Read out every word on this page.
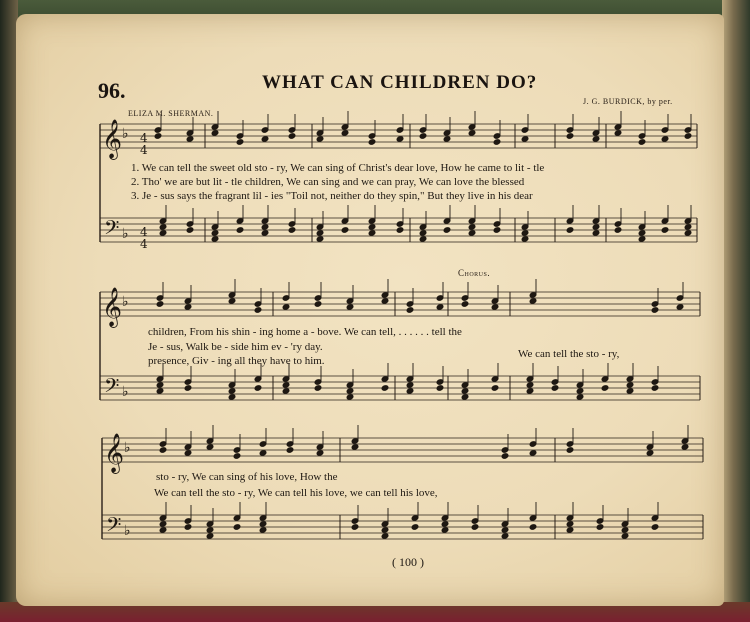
𝄞
𝄢
♭
♭
𝄞
𝄢
♭
♭
𝄞
𝄢
♭
♭
4
4
4
4
96.	WHAT CAN CHILDREN DO?
ELIZA M. SHERMAN.
J. G. BURDICK, by per.
Chorus.
1. We can tell the sweet old sto - ry, We can sing of Christ's dear love, How he came to lit - tle
2. Tho' we are but lit - tle children, We can sing and we can pray, We can love the blessed
3. Je - sus says the fragrant lil - ies "Toil not, neither do they spin," But they live in his dear
children, From his shin - ing home a - bove. We can tell, . . . . . . tell the
Je - sus, Walk be - side him ev - 'ry day.
presence, Giv - ing all they have to him.
We can tell the sto - ry,
sto - ry, We can sing of his love, How the
We can tell the sto - ry, We can tell his love, we can tell his love,
( 100 )
